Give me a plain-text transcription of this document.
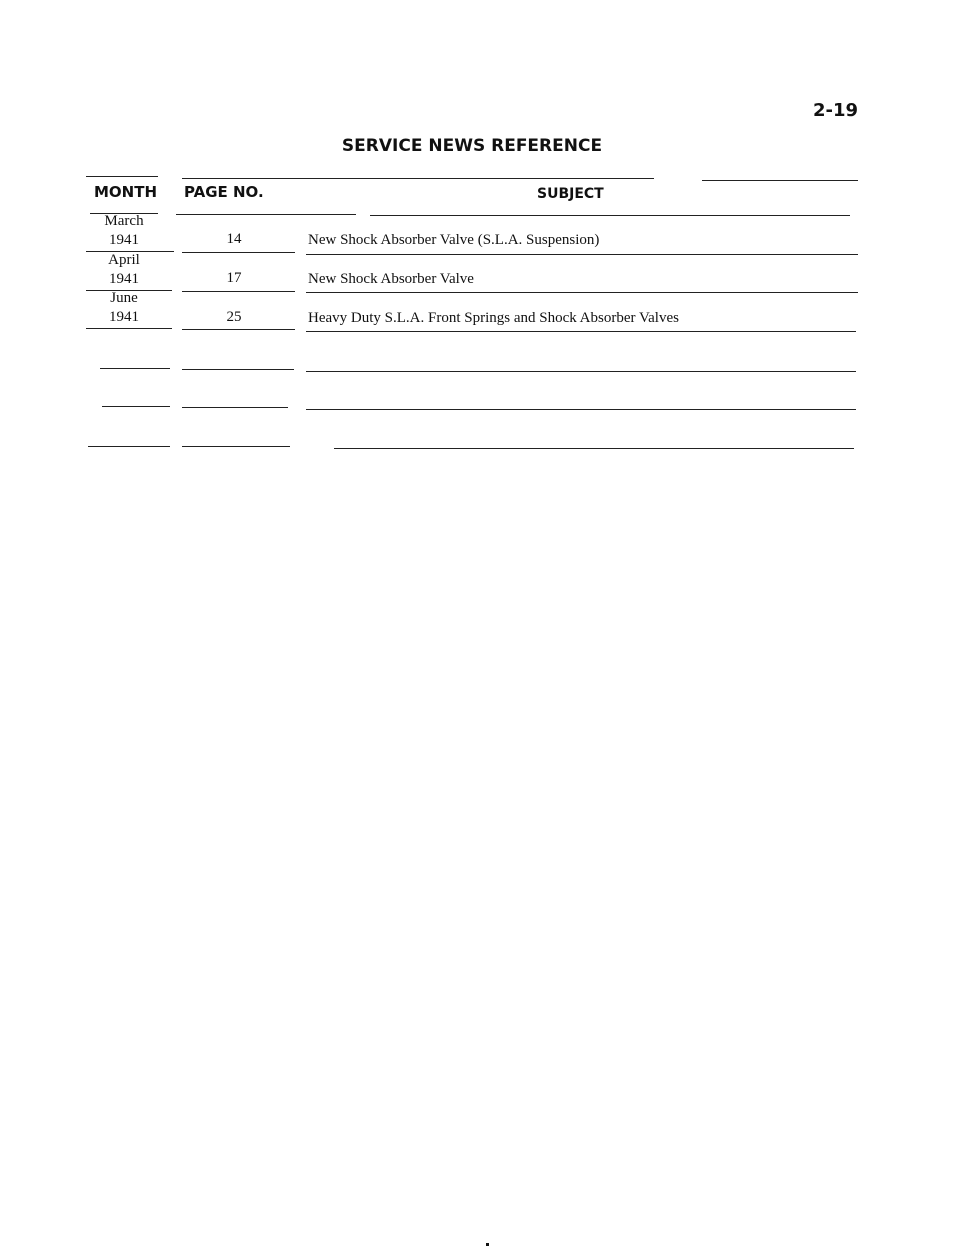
2-19
SERVICE NEWS REFERENCE
MONTH PAGE NO.	SUBJECT
March
1941	14	New Shock Absorber Valve (S.L.A. Suspension)
April
1941	17	New Shock Absorber Valve
June
1941	25	Heavy Duty S.L.A. Front Springs and Shock Absorber Valves
